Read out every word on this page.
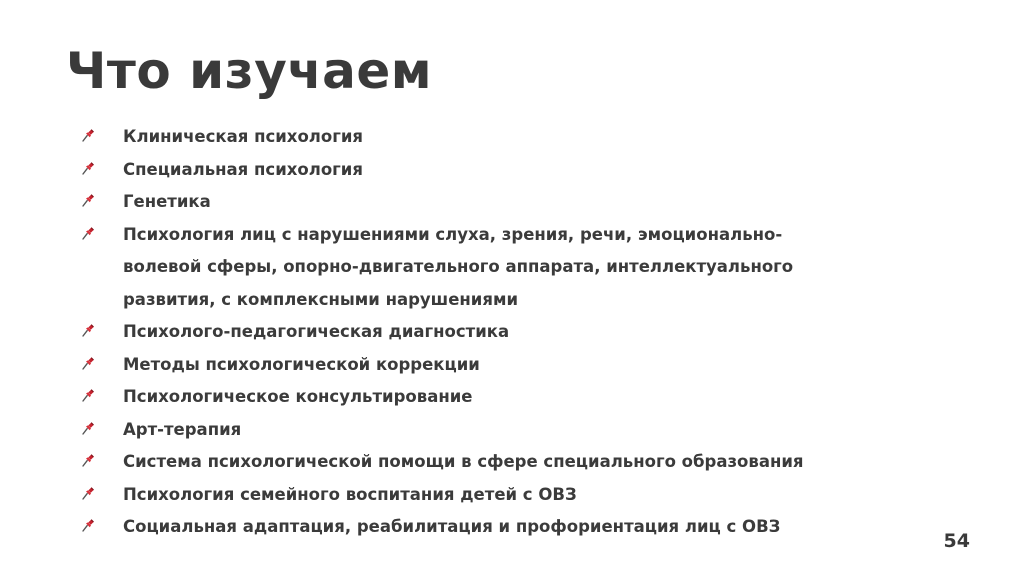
Что изучаем
Клиническая психология
Специальная психология
Генетика
Психология лиц с нарушениями слуха, зрения, речи, эмоционально-волевой сферы, опорно-двигательного аппарата, интеллектуального развития, с комплексными нарушениями
Психолого-педагогическая диагностика
Методы психологической коррекции
Психологическое консультирование
Арт-терапия
Система психологической помощи в сфере специального образования
Психология семейного воспитания детей с ОВЗ
Социальная адаптация, реабилитация и профориентация лиц с ОВЗ
54
